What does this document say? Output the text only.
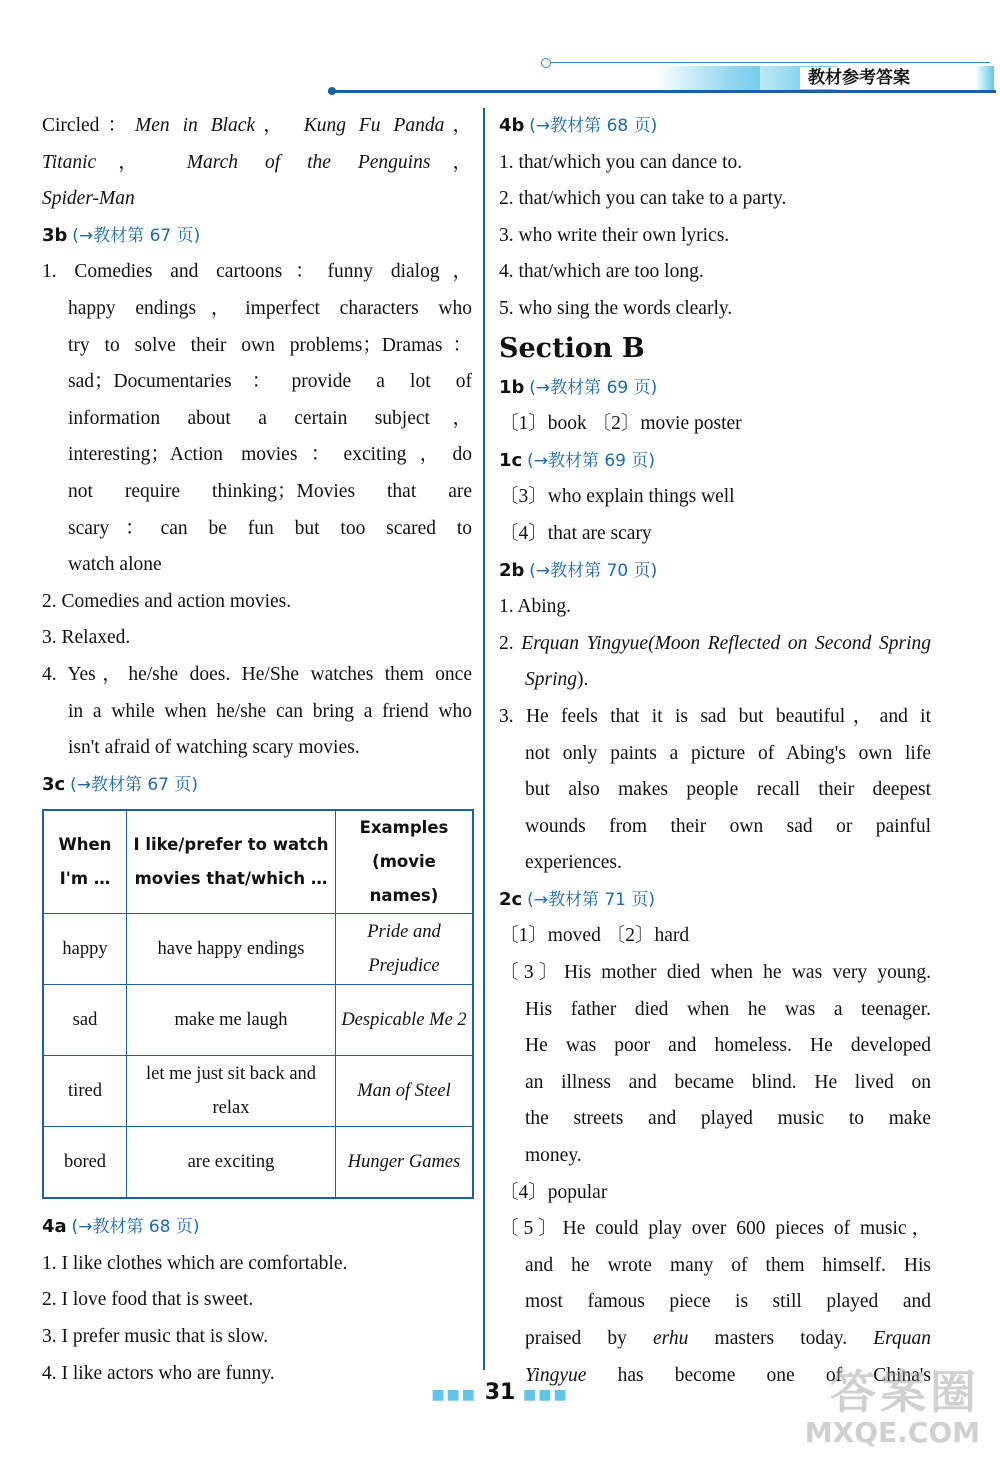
教材参考答案

Circled：Men in Black， Kung Fu Panda，

Titanic， March of the Penguins，

Spider-Man

3b (→教材第 67 页)

1. Comedies and cartoons：funny dialog，

happy endings，imperfect characters who

try to solve their own problems；Dramas：

sad；Documentaries：provide a lot of

information about a certain subject，

interesting；Action movies：exciting，do

not require thinking；Movies that are

scary：can be fun but too scared to

watch alone

2. Comedies and action movies.

3. Relaxed.

4. Yes，he/she does. He/She watches them once

in a while when he/she can bring a friend who

isn't afraid of watching scary movies.

3c (→教材第 67 页)

When I'm …	I like/prefer to watch movies that/which …	Examples (movie names)
happy	have happy endings	Pride and Prejudice
sad	make me laugh	Despicable Me 2
tired	let me just sit back and relax	Man of Steel
bored	are exciting	Hunger Games

4a (→教材第 68 页)

1. I like clothes which are comfortable.

2. I love food that is sweet.

3. I prefer music that is slow.

4. I like actors who are funny.

4b (→教材第 68 页)

1. that/which you can dance to.

2. that/which you can take to a party.

3. who write their own lyrics.

4. that/which are too long.

5. who sing the words clearly.

Section B

1b (→教材第 69 页)

〔1〕book 〔2〕movie poster

1c (→教材第 69 页)

〔3〕who explain things well

〔4〕that are scary

2b (→教材第 70 页)

1. Abing.

2. Erquan Yingyue(Moon Reflected on Second Spring

Spring).

3. He feels that it is sad but beautiful，and it

not only paints a picture of Abing's own life

but also makes people recall their deepest

wounds from their own sad or painful

experiences.

2c (→教材第 71 页)

〔1〕moved 〔2〕hard

〔3〕His mother died when he was very young.

His father died when he was a teenager.

He was poor and homeless. He developed

an illness and became blind. He lived on

the streets and played music to make

money.

〔4〕popular

〔5〕He could play over 600 pieces of music，

and he wrote many of them himself. His

most famous piece is still played and

praised by erhu masters today. Erquan

Yingyue has become one of China's

■■■ 31 ■■■	答案圈
MXQE.COM
